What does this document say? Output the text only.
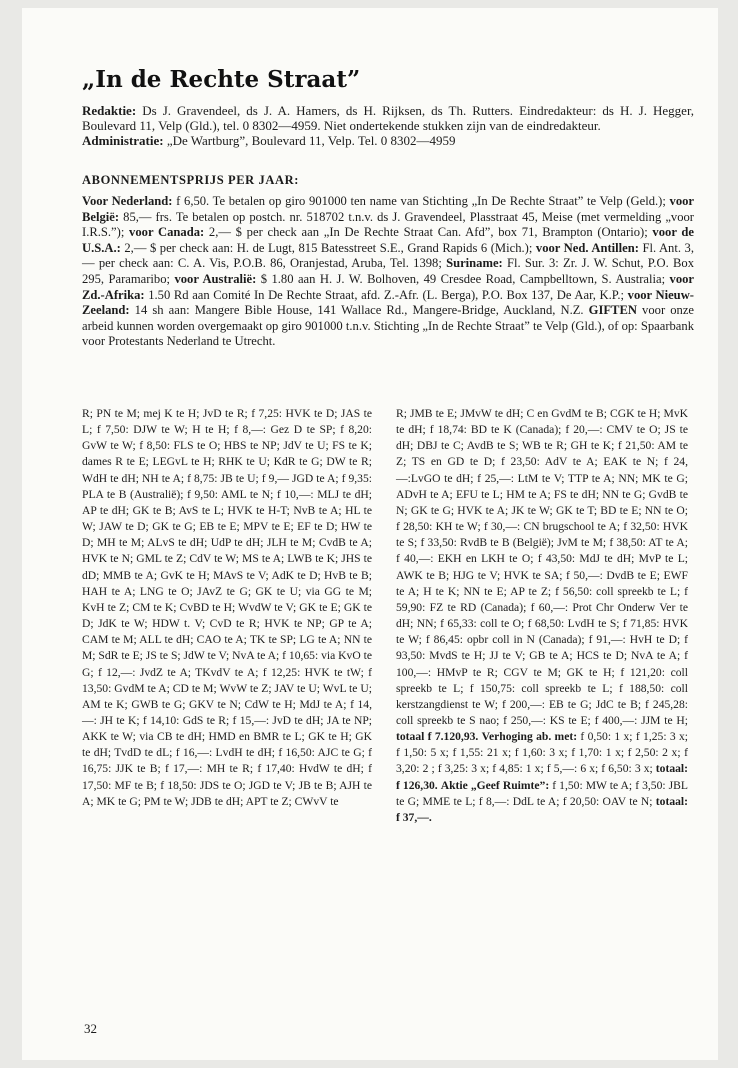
„In de Rechte Straat”
Redaktie: Ds J. Gravendeel, ds J. A. Hamers, ds H. Rijksen, ds Th. Rutters. Eindredakteur: ds H. J. Hegger, Boulevard 11, Velp (Gld.), tel. 0 8302—4959. Niet ondertekende stukken zijn van de eindredakteur.
Administratie: „De Wartburg”, Boulevard 11, Velp. Tel. 0 8302—4959
ABONNEMENTSPRIJS PER JAAR:
Voor Nederland: f 6,50. Te betalen op giro 901000 ten name van Stichting „In De Rechte Straat” te Velp (Geld.); voor België: 85,— frs. Te betalen op postch. nr. 518702 t.n.v. ds J. Gravendeel, Plasstraat 45, Meise (met vermelding „voor I.R.S.”); voor Canada: 2,— $ per check aan „In De Rechte Straat Can. Afd”, box 71, Brampton (Ontario); voor de U.S.A.: 2,— $ per check aan: H. de Lugt, 815 Batesstreet S.E., Grand Rapids 6 (Mich.); voor Ned. Antillen: Fl. Ant. 3,— per check aan: C. A. Vis, P.O.B. 86, Oranjestad, Aruba, Tel. 1398; Suriname: Fl. Sur. 3: Zr. J. W. Schut, P.O. Box 295, Paramaribo; voor Australië: $ 1.80 aan H. J. W. Bolhoven, 49 Cresdee Road, Campbelltown, S. Australia; voor Zd.-Afrika: 1.50 Rd aan Comité In De Rechte Straat, afd. Z.-Afr. (L. Berga), P.O. Box 137, De Aar, K.P.; voor Nieuw-Zeeland: 14 sh aan: Mangere Bible House, 141 Wallace Rd., Mangere-Bridge, Auckland, N.Z. GIFTEN voor onze arbeid kunnen worden overgemaakt op giro 901000 t.n.v. Stichting „In de Rechte Straat” te Velp (Gld.), of op: Spaarbank voor Protestants Nederland te Utrecht.
R; PN te M; mej K te H; JvD te R; f 7,25: HVK te D; JAS te L; f 7,50: DJW te W; H te H; f 8,—: Gez D te SP; f 8,20: GvW te W; f 8,50: FLS te O; HBS te NP; JdV te U; FS te K; dames R te E; LEGvL te H; RHK te U; KdR te G; DW te R; WdH te dH; NH te A; f 8,75: JB te U; f 9,— JGD te A; f 9,35: PLA te B (Australië); f 9,50: AML te N; f 10,—: MLJ te dH; AP te dH; GK te B; AvS te L; HVK te H-T; NvB te A; HL te W; JAW te D; GK te G; EB te E; MPV te E; EF te D; HW te D; MH te M; ALvS te dH; UdP te dH; JLH te M; CvdB te A; HVK te N; GML te Z; CdV te W; MS te A; LWB te K; JHS te dD; MMB te A; GvK te H; MAvS te V; AdK te D; HvB te B; HAH te A; LNG te O; JAvZ te G; GK te U; via GG te M; KvH te Z; CM te K; CvBD te H; WvdW te V; GK te E; GK te D; JdK te W; HDW t. V; CvD te R; HVK te NP; GP te A; CAM te M; ALL te dH; CAO te A; TK te SP; LG te A; NN te M; SdR te E; JS te S; JdW te V; NvA te A; f 10,65: via KvO te G; f 12,—: JvdZ te A; TKvdV te A; f 12,25: HVK te tW; f 13,50: GvdM te A; CD te M; WvW te Z; JAV te U; WvL te U; AM te K; GWB te G; GKV te N; CdW te H; MdJ te A; f 14,—: JH te K; f 14,10: GdS te R; f 15,—: JvD te dH; JA te NP; AKK te W; via CB te dH; HMD en BMR te L; GK te H; GK te dH; TvdD te dL; f 16,—: LvdH te dH; f 16,50: AJC te G; f 16,75: JJK te B; f 17,—: MH te R; f 17,40: HvdW te dH; f 17,50: MF te B; f 18,50: JDS te O; JGD te V; JB te B; AJH te A; MK te G; PM te W; JDB te dH; APT te Z; CWvV te
R; JMB te E; JMvW te dH; C en GvdM te B; CGK te H; MvK te dH; f 18,74: BD te K (Canada); f 20,—: CMV te O; JS te dH; DBJ te C; AvdB te S; WB te R; GH te K; f 21,50: AM te Z; TS en GD te D; f 23,50: AdV te A; EAK te N; f 24,—:LvGO te dH; f 25,—: LtM te V; TTP te A; NN; MK te G; ADvH te A; EFU te L; HM te A; FS te dH; NN te G; GvdB te N; GK te G; HVK te A; JK te W; GK te T; BD te E; NN te O; f 28,50: KH te W; f 30,—: CN brugschool te A; f 32,50: HVK te S; f 33,50: RvdB te B (België); JvM te M; f 38,50: AT te A; f 40,—: EKH en LKH te O; f 43,50: MdJ te dH; MvP te L; AWK te B; HJG te V; HVK te SA; f 50,—: DvdB te E; EWF te A; H te K; NN te E; AP te Z; f 56,50: coll spreekb te L; f 59,90: FZ te RD (Canada); f 60,—: Prot Chr Onderw Ver te dH; NN; f 65,33: coll te O; f 68,50: LvdH te S; f 71,85: HVK te W; f 86,45: opbr coll in N (Canada); f 91,—: HvH te D; f 93,50: MvdS te H; JJ te V; GB te A; HCS te D; NvA te A; f 100,—: HMvP te R; CGV te M; GK te H; f 121,20: coll spreekb te L; f 150,75: coll spreekb te L; f 188,50: coll kerstzangdienst te W; f 200,—: EB te G; JdC te B; f 245,28: coll spreekb te S nao; f 250,—: KS te E; f 400,—: JJM te H; totaal f 7.120,93. Verhoging ab. met: f 0,50: 1 x; f 1,25: 3 x; f 1,50: 5 x; f 1,55: 21 x; f 1,60: 3 x; f 1,70: 1 x; f 2,50: 2 x; f 3,20: 2 ; f 3,25: 3 x; f 4,85: 1 x; f 5,—: 6 x; f 6,50: 3 x; totaal: f 126,30. Aktie „Geef Ruimte”: f 1,50: MW te A; f 3,50: JBL te G; MME te L; f 8,—: DdL te A; f 20,50: OAV te N; totaal: f 37,—.
32
